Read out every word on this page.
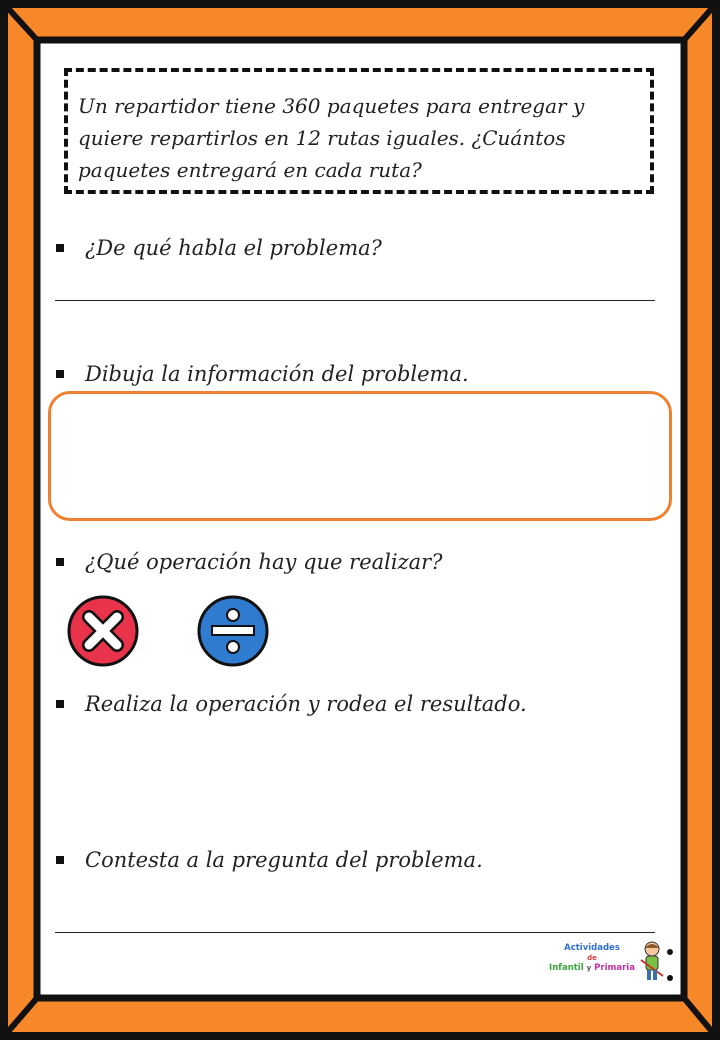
Un repartidor tiene 360 paquetes para entregar y quiere repartirlos en 12 rutas iguales. ¿Cuántos paquetes entregará en cada ruta?

¿De qué habla el problema?
Dibuja la información del problema.
¿Qué operación hay que realizar?
Realiza la operación y rodea el resultado.
Contesta a la pregunta del problema.
Actividades
de
Infantil y Primaria
